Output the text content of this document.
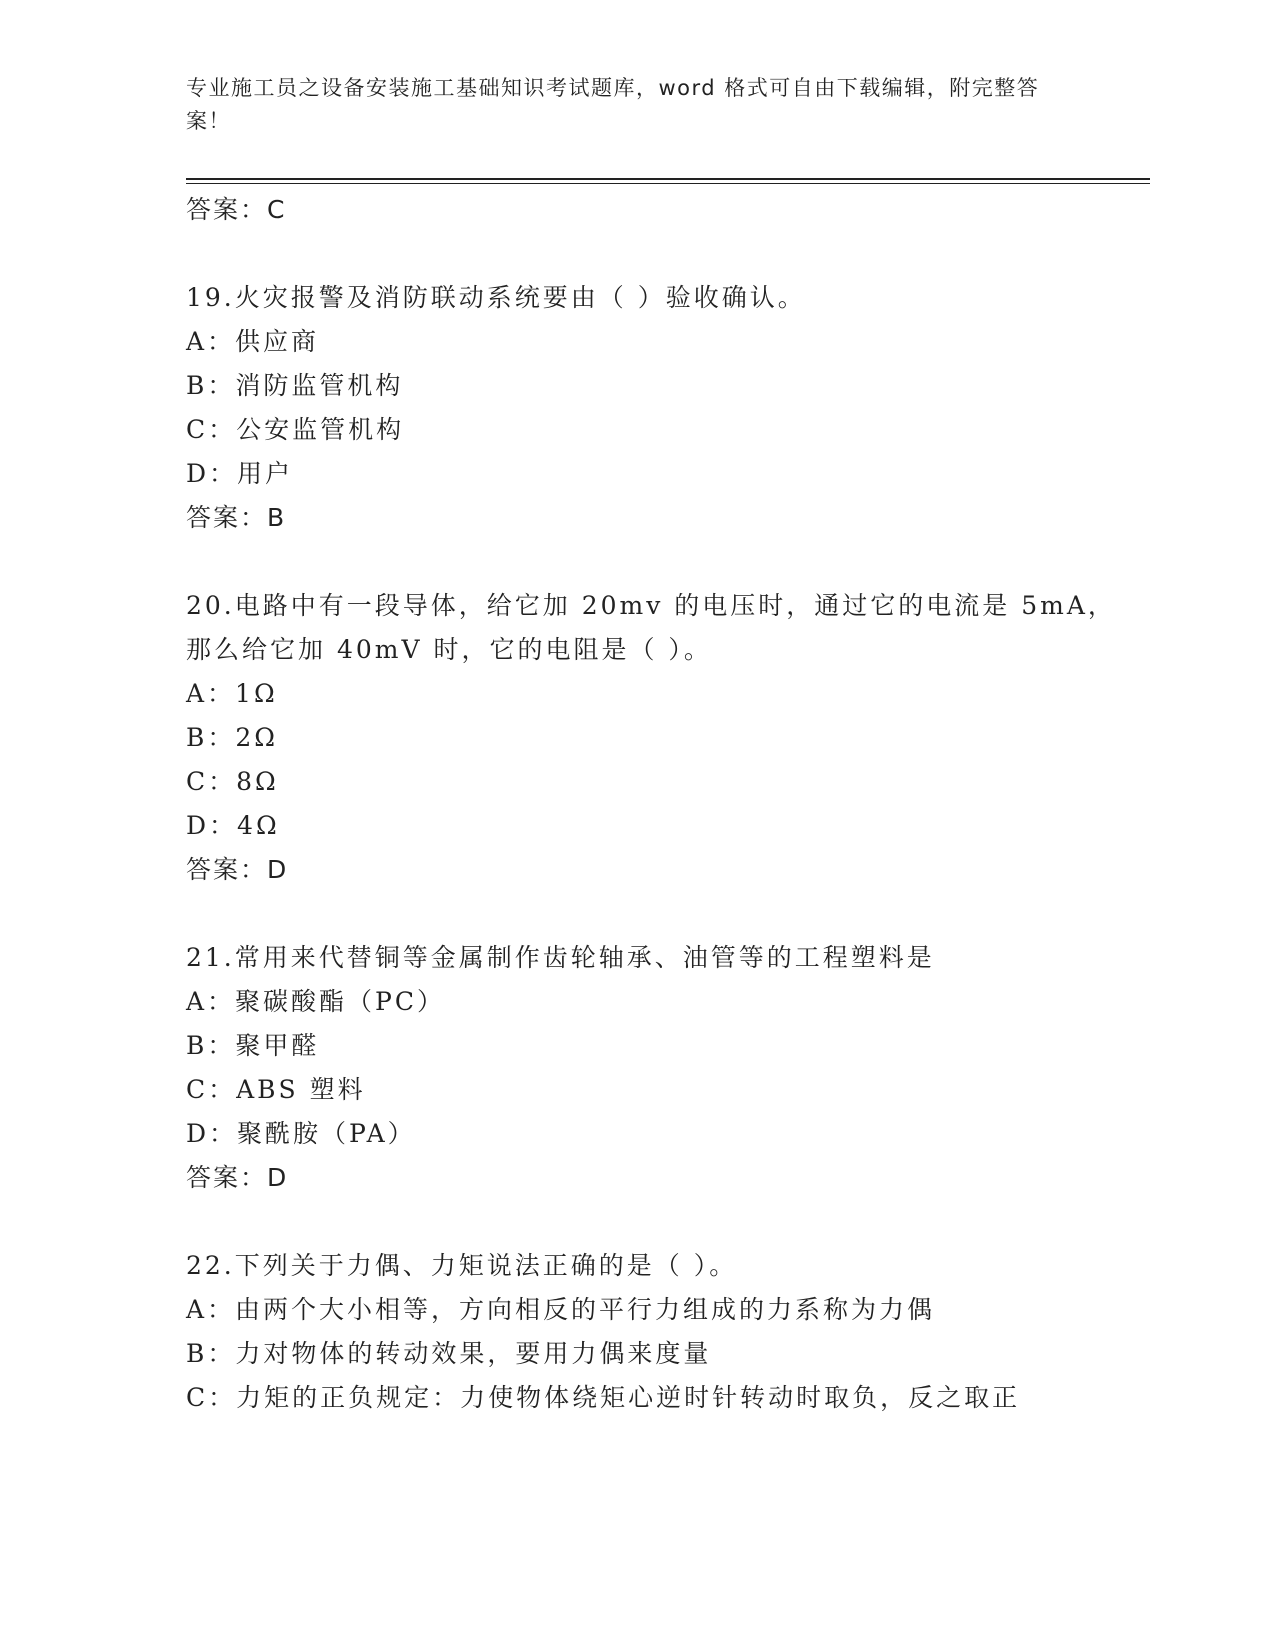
专业施工员之设备安装施工基础知识考试题库，word 格式可自由下载编辑，附完整答案！
答案：C
19.火灾报警及消防联动系统要由（ ）验收确认。
A：供应商
B：消防监管机构
C：公安监管机构
D：用户
答案：B
20.电路中有一段导体，给它加 20mv 的电压时，通过它的电流是 5mA，
那么给它加 40mV 时，它的电阻是（ ）。
A：1Ω
B：2Ω
C：8Ω
D：4Ω
答案：D
21.常用来代替铜等金属制作齿轮轴承、油管等的工程塑料是
A：聚碳酸酯（PC）
B：聚甲醛
C：ABS 塑料
D：聚酰胺（PA）
答案：D
22.下列关于力偶、力矩说法正确的是（ ）。
A：由两个大小相等，方向相反的平行力组成的力系称为力偶
B：力对物体的转动效果，要用力偶来度量
C：力矩的正负规定：力使物体绕矩心逆时针转动时取负，反之取正
